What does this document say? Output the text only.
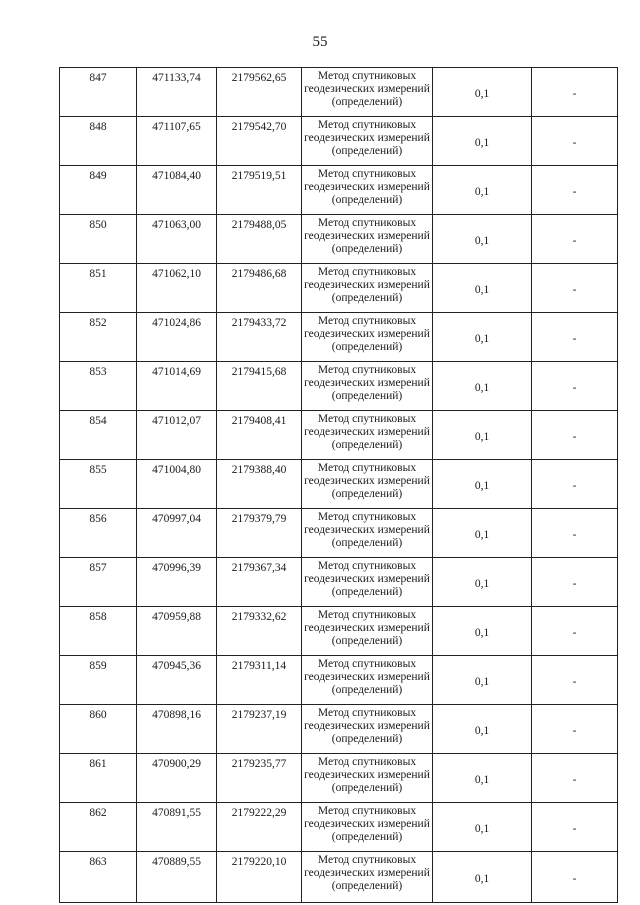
55
847	471133,74	2179562,65	Метод спутниковых геодезических измерений (определений)	0,1	-

848	471107,65	2179542,70	Метод спутниковых геодезических измерений (определений)	0,1	-

849	471084,40	2179519,51	Метод спутниковых геодезических измерений (определений)	0,1	-

850	471063,00	2179488,05	Метод спутниковых геодезических измерений (определений)	0,1	-

851	471062,10	2179486,68	Метод спутниковых геодезических измерений (определений)	0,1	-

852	471024,86	2179433,72	Метод спутниковых геодезических измерений (определений)	0,1	-

853	471014,69	2179415,68	Метод спутниковых геодезических измерений (определений)	0,1	-

854	471012,07	2179408,41	Метод спутниковых геодезических измерений (определений)	0,1	-

855	471004,80	2179388,40	Метод спутниковых геодезических измерений (определений)	0,1	-

856	470997,04	2179379,79	Метод спутниковых геодезических измерений (определений)	0,1	-

857	470996,39	2179367,34	Метод спутниковых геодезических измерений (определений)	0,1	-

858	470959,88	2179332,62	Метод спутниковых геодезических измерений (определений)	0,1	-

859	470945,36	2179311,14	Метод спутниковых геодезических измерений (определений)	0,1	-

860	470898,16	2179237,19	Метод спутниковых геодезических измерений (определений)	0,1	-

861	470900,29	2179235,77	Метод спутниковых геодезических измерений (определений)	0,1	-

862	470891,55	2179222,29	Метод спутниковых геодезических измерений (определений)	0,1	-

863	470889,55	2179220,10	Метод спутниковых геодезических измерений (определений)	0,1	-
